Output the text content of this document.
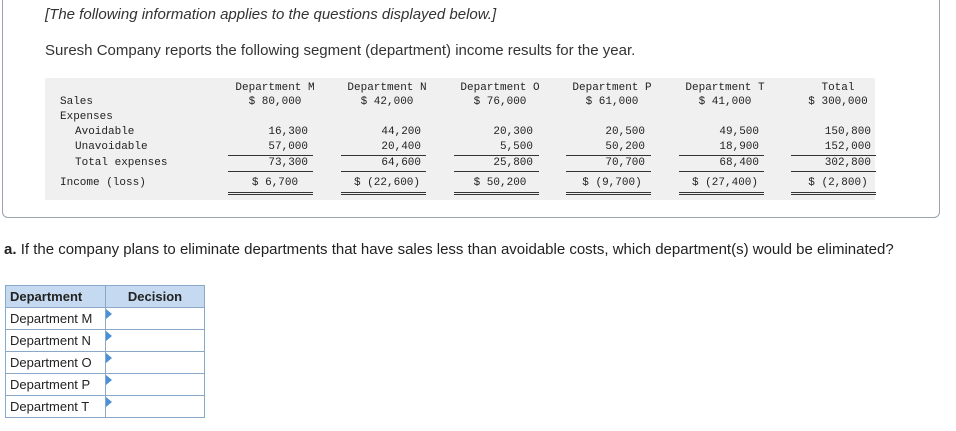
[The following information applies to the questions displayed below.]
Suresh Company reports the following segment (department) income results for the year.
Department M	Department N	Department O	Department P	Department T	Total
Sales	$ 80,000	$ 42,000	$ 76,000	$ 61,000	$ 41,000	$ 300,000
Expenses
Avoidable	16,300	44,200	20,300	20,500	49,500	150,800
Unavoidable	57,000	20,400	5,500	50,200	18,900	152,000
Total expenses	73,300	64,600	25,800	70,700	68,400	302,800
Income (loss)	$ 6,700	$ (22,600)	$ 50,200	$ (9,700)	$ (27,400)	$ (2,800)
a. If the company plans to eliminate departments that have sales less than avoidable costs, which department(s) would be eliminated?
Department	Decision
Department M	

Department N	

Department O	

Department P	

Department T	
